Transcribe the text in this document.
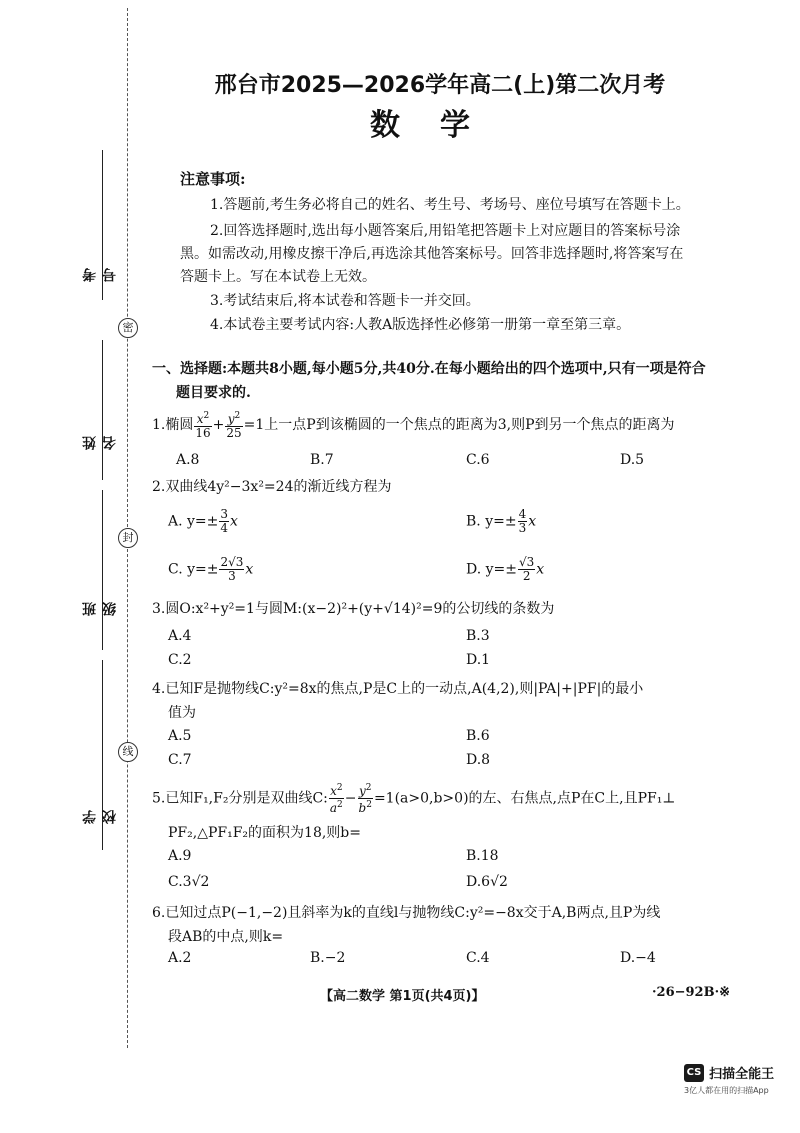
密
封
线
考号
姓名
班级
学校
邢台市2025—2026学年高二(上)第二次月考
数学
注意事项:
1.答题前,考生务必将自己的姓名、考生号、考场号、座位号填写在答题卡上。
2.回答选择题时,选出每小题答案后,用铅笔把答题卡上对应题目的答案标号涂
黑。如需改动,用橡皮擦干净后,再选涂其他答案标号。回答非选择题时,将答案写在
答题卡上。写在本试卷上无效。
3.考试结束后,将本试卷和答题卡一并交回。
4.本试卷主要考试内容:人教A版选择性必修第一册第一章至第三章。
一、选择题:本题共8小题,每小题5分,共40分.在每小题给出的四个选项中,只有一项是符合
题目要求的.
1.椭圆 $\frac{x^2}{16} + \frac{y^2}{25} =1$上一点P到该椭圆的一个焦点的距离为3,则P到另一个焦点的距离为
A.8	B.7	C.6	D.5
2.双曲线4y²−3x²=24的渐近线方程为
A. $y=\pm \frac{3}{4}$ x	B. $y=\pm \frac{4}{3}$ x
C. $y=\pm \frac{2√3}{3}$ x	D. $y=\pm \frac{√3}{2}$ x
3.圆O:x²+y²=1与圆M:(x−2)²+(y+√14)²=9的公切线的条数为
A.4	B.3
C.2	D.1
4.已知F是抛物线C:y²=8x的焦点,P是C上的一动点,A(4,2),则|PA|+|PF|的最小
值为
A.5	B.6
C.7	D.8
5.已知F₁,F₂分别是双曲线C: $\frac{x^2}{a^2} - \frac{y^2}{b^2} =1(a>0,b>0)$的左、右焦点,点P在C上,且PF₁⊥
PF₂,△PF₁F₂的面积为18,则b=
A.9	B.18
C.3√2	D.6√2
6.已知过点P(−1,−2)且斜率为k的直线l与抛物线C:y²=−8x交于A,B两点,且P为线
段AB的中点,则k=
A.2	B.−2	C.4	D.−4
【高二数学 第1页(共4页)】	·26−92B·※
CS 扫描全能王
3亿人都在用的扫描App
